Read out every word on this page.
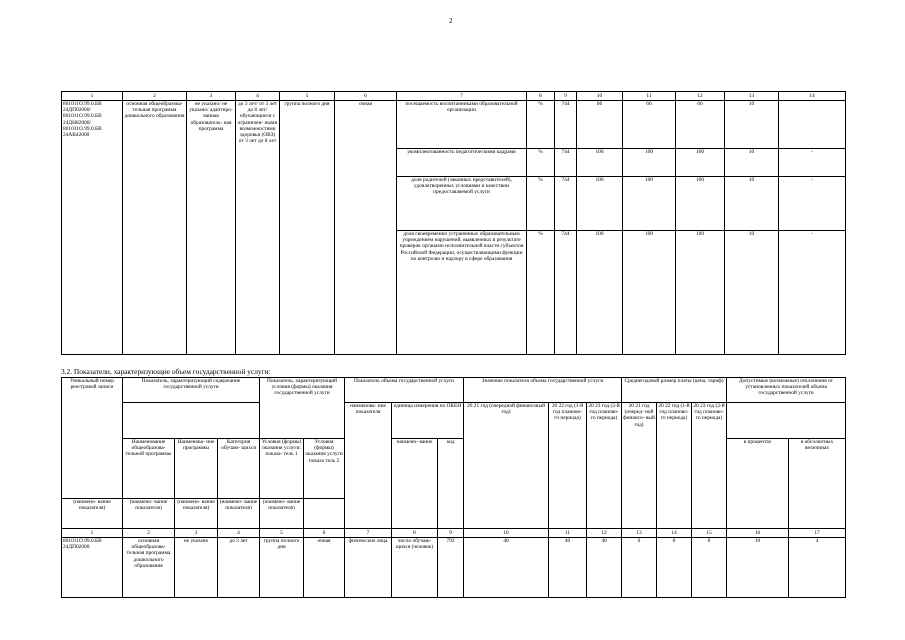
2
1	2	3	4	5	6	7	8	9	10	11	12	13	14
801011О.99.0.БВ 24ДП02000/ 801011О.99.0.БВ 24ДН82000/ 801011О.99.0.БВ 24АВ42000	основная общеобразова- тельная программа дошкольного образования	не указано/ не указано/ адаптиро- ванная образователь- ная программа	до 3 лет/ от 3 лет до 8 лет/ обучающиеся с ограничен- ными возможностями здоровья (ОВЗ) от 3 лет до 8 лет	группа полного дня	очная	посещаемость воспитанниками образовательной организации	%	744	66	66	66	10	
						укомплектованность педагогическими кадрами	%	744	100	100	100	10	-
						доля родителей (законных представителей), удовлетворенных условиями и качеством предоставляемой услуги	%	744	100	100	100	10	-
						доля своевременно устраненных образовательным учреждением нарушений, выявленных в результате проверок органами исполнительной власти субъектов Российской Федерации, осуществляющими функции по контролю и надзору в сфере образования	%	744	100	100	100	10	-
3.2. Показатели, характеризующие объем государственной услуги:
Уникальный номер реестровой записи	Показатель, характеризующий содержание государственной услуги			Показатель, характеризующий условия (формы) оказания государственной услуги		Показатель объема государственной услуги			Значение показателя объема государственной услуги			Среднегодовой размер платы (цена, тариф)			Допустимые (возможные) отклонения от установленных показателей объема государственной услуги	
						наименова- ние показателя	единица измерения по ОКЕИ		20 21 год (очередной финансовый год)	20 22 год (1-й год планово- го периода)	20 23 год (2-й год планово- го периода)	20 21 год (очеред- ной финансо- вый год)	20 22 год (1-й год планово- го периода)	20 23 год (2-й год планово- го периода)		
	Наименование общеобразова- тельной программы	Наименова- ние программы	Категория обучаю- щихся	Условия (формы) оказания услуги: показа- тель 1	Условия (формы) оказания услуги показа тель 2		наимено- вание	код							в процентах	в абсолютных величинах
(наимено- вание показателя)	(наимено- вание показателя)	(наимено- вание показателя)	(наимено- вание показателя)	(наимено- вание показателя)												
1	2	3	4	5	6	7	8	9	10	11	12	13	14	15	16	17
801011О.99.0.БВ 24ДП02000	основная общеобразова- тельная программа дошкольного образования	не указано	до 3 лет	группа полного дня	очная	физические лица	число обучаю- щихся (человек)	792	40	40	40	0	0	0	10	4
